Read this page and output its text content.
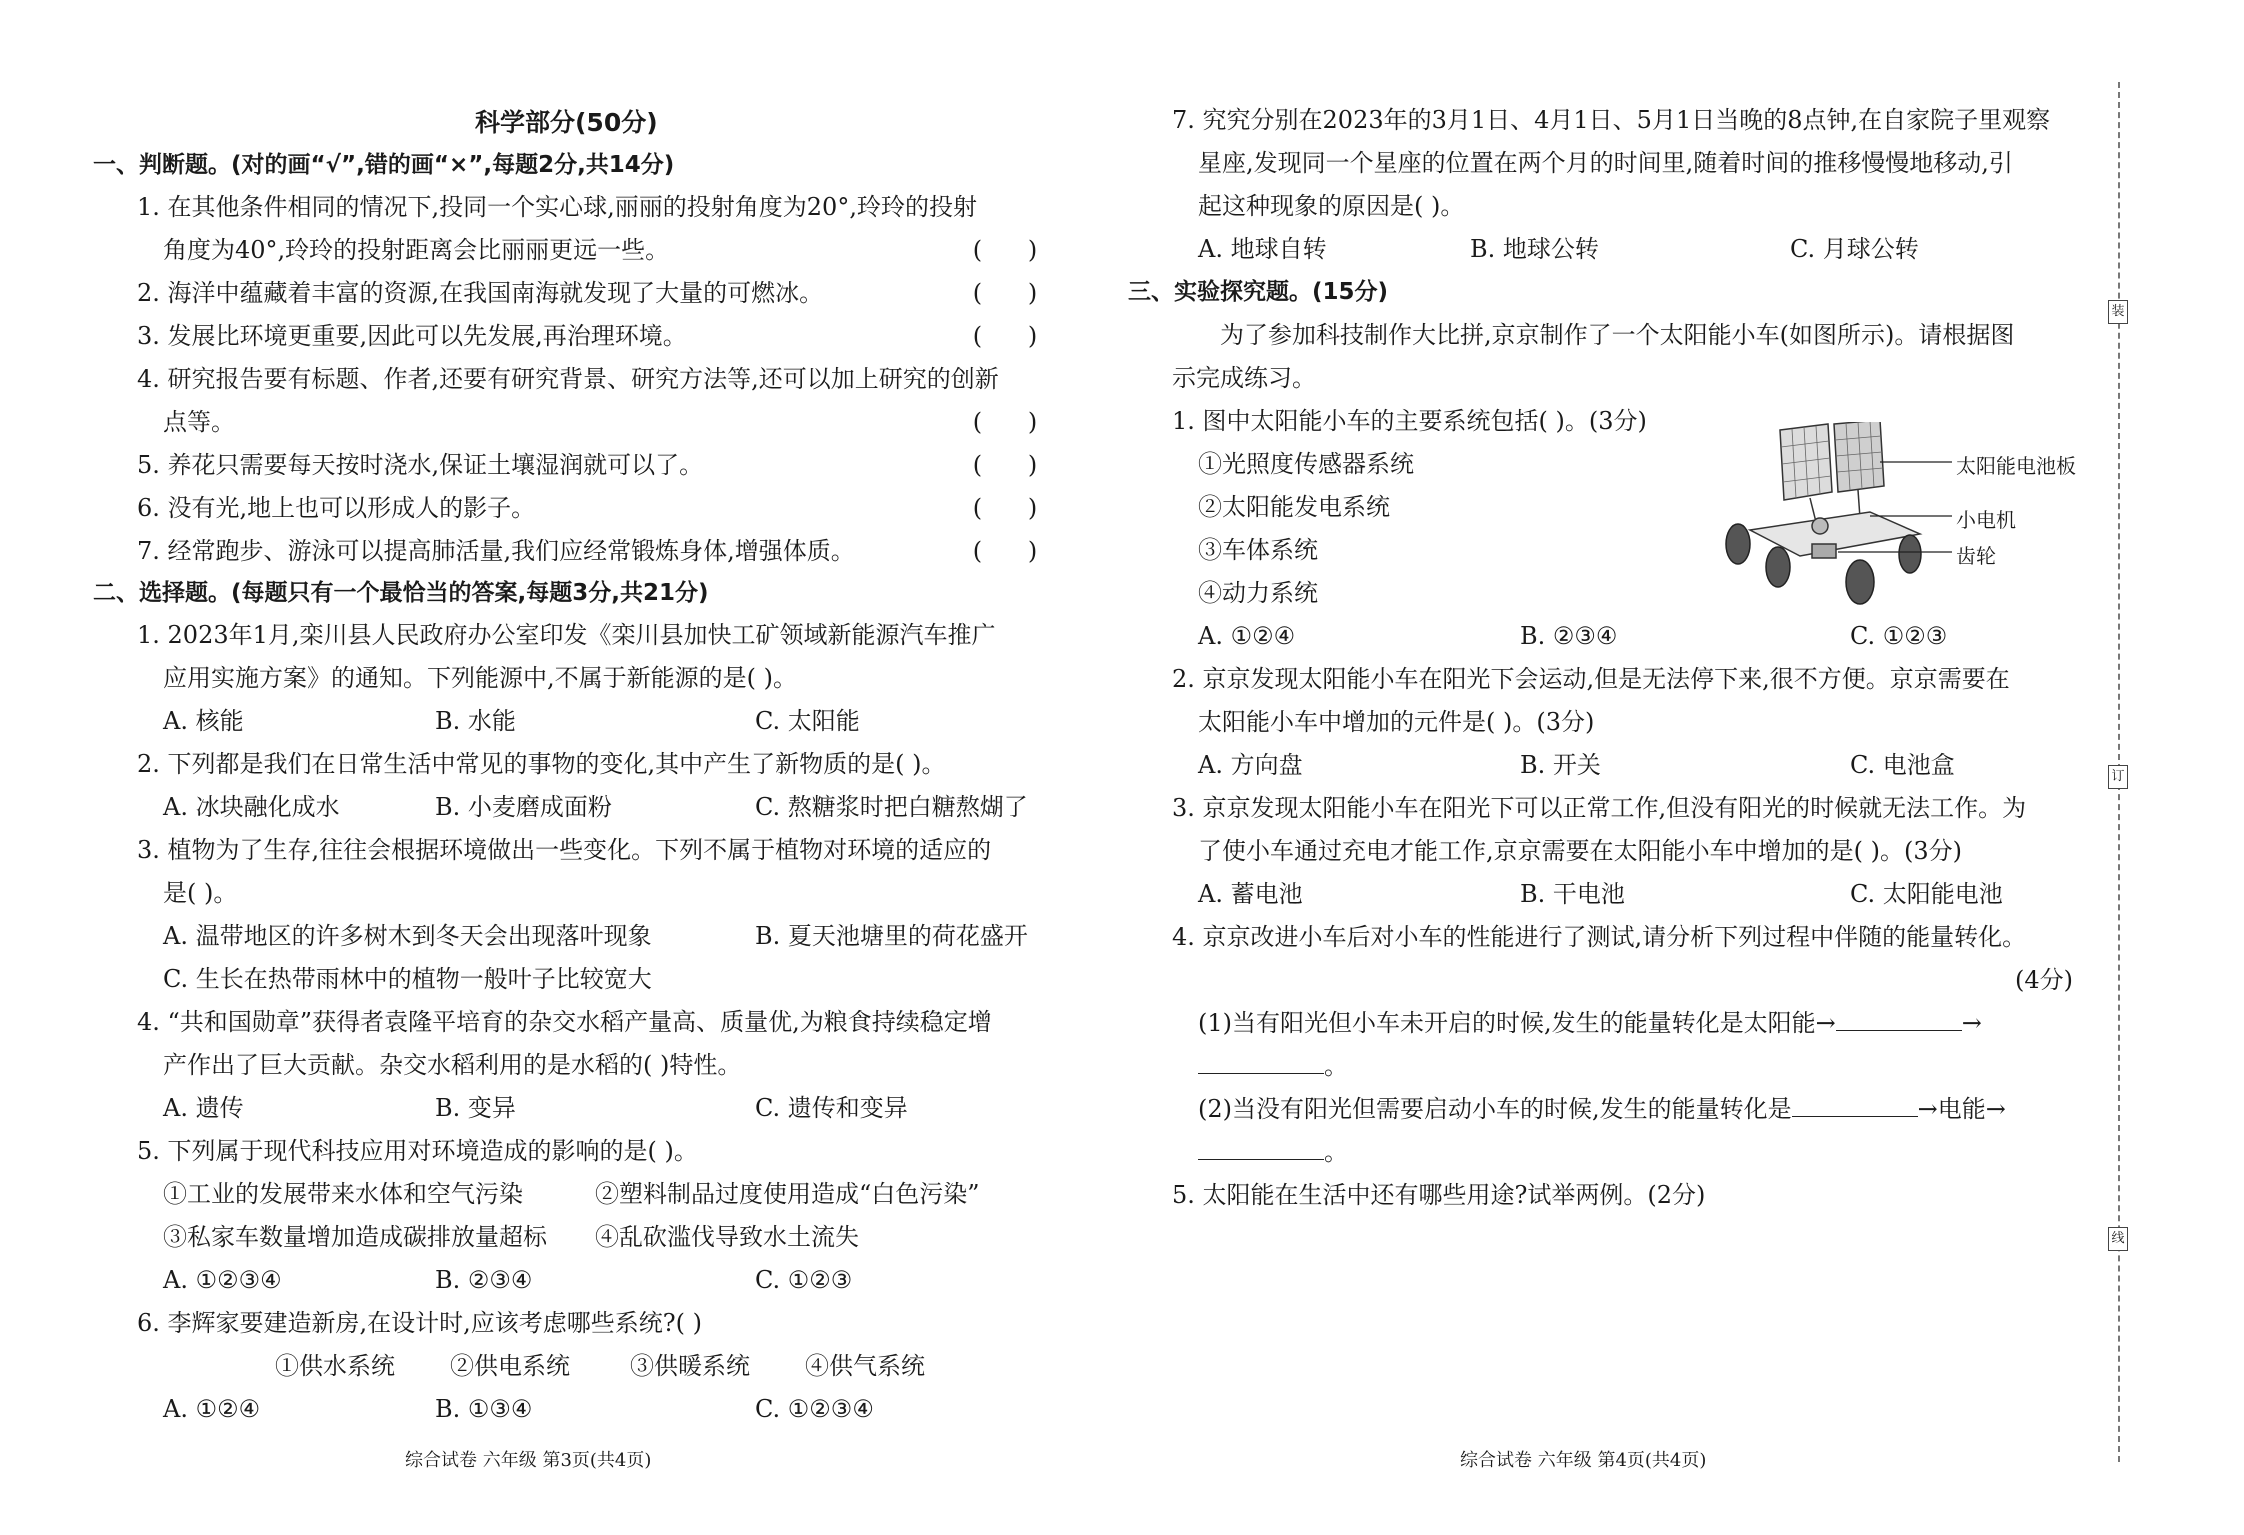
科学部分(50分)
一、判断题。(对的画“√”,错的画“×”,每题2分,共14分)
1. 在其他条件相同的情况下,投同一个实心球,丽丽的投射角度为20°,玲玲的投射
角度为40°,玲玲的投射距离会比丽丽更远一些。	(      )
2. 海洋中蕴藏着丰富的资源,在我国南海就发现了大量的可燃冰。	(      )
3. 发展比环境更重要,因此可以先发展,再治理环境。	(      )
4. 研究报告要有标题、作者,还要有研究背景、研究方法等,还可以加上研究的创新
点等。	(      )
5. 养花只需要每天按时浇水,保证土壤湿润就可以了。	(      )
6. 没有光,地上也可以形成人的影子。	(      )
7. 经常跑步、游泳可以提高肺活量,我们应经常锻炼身体,增强体质。	(      )
二、选择题。(每题只有一个最恰当的答案,每题3分,共21分)
1. 2023年1月,栾川县人民政府办公室印发《栾川县加快工矿领域新能源汽车推广
应用实施方案》的通知。下列能源中,不属于新能源的是( )。
A. 核能	B. 水能	C. 太阳能
2. 下列都是我们在日常生活中常见的事物的变化,其中产生了新物质的是( )。
A. 冰块融化成水	B. 小麦磨成面粉	C. 熬糖浆时把白糖熬煳了
3. 植物为了生存,往往会根据环境做出一些变化。下列不属于植物对环境的适应的
是( )。
A. 温带地区的许多树木到冬天会出现落叶现象	B. 夏天池塘里的荷花盛开
C. 生长在热带雨林中的植物一般叶子比较宽大
4. “共和国勋章”获得者袁隆平培育的杂交水稻产量高、质量优,为粮食持续稳定增
产作出了巨大贡献。杂交水稻利用的是水稻的( )特性。
A. 遗传	B. 变异	C. 遗传和变异
5. 下列属于现代科技应用对环境造成的影响的是( )。
①工业的发展带来水体和空气污染	②塑料制品过度使用造成“白色污染”
③私家车数量增加造成碳排放量超标 ④乱砍滥伐导致水土流失
A. ①②③④	B. ②③④	C. ①②③
6. 李辉家要建造新房,在设计时,应该考虑哪些系统?( )
①供水系统 ②供电系统	③供暖系统 ④供气系统
A. ①②④	B. ①③④	C. ①②③④
综合试卷 六年级 第3页(共4页)
7. 究究分别在2023年的3月1日、4月1日、5月1日当晚的8点钟,在自家院子里观察
星座,发现同一个星座的位置在两个月的时间里,随着时间的推移慢慢地移动,引
起这种现象的原因是( )。
A. 地球自转	B. 地球公转	C. 月球公转
三、实验探究题。(15分)
为了参加科技制作大比拼,京京制作了一个太阳能小车(如图所示)。请根据图
示完成练习。
1. 图中太阳能小车的主要系统包括( )。(3分)
①光照度传感器系统
②太阳能发电系统
③车体系统
④动力系统
A. ①②④	B. ②③④	C. ①②③
2. 京京发现太阳能小车在阳光下会运动,但是无法停下来,很不方便。京京需要在
太阳能小车中增加的元件是( )。(3分)
A. 方向盘	B. 开关	C. 电池盒
3. 京京发现太阳能小车在阳光下可以正常工作,但没有阳光的时候就无法工作。为
了使小车通过充电才能工作,京京需要在太阳能小车中增加的是( )。(3分)
A. 蓄电池	B. 干电池	C. 太阳能电池
4. 京京改进小车后对小车的性能进行了测试,请分析下列过程中伴随的能量转化。
(4分)
(1)当有阳光但小车未开启的时候,发生的能量转化是太阳能→	→
。
(2)当没有阳光但需要启动小车的时候,发生的能量转化是	→电能→
。
5. 太阳能在生活中还有哪些用途?试举两例。(2分)
综合试卷 六年级 第4页(共4页)
太阳能电池板
小电机
齿轮
装
订
线
